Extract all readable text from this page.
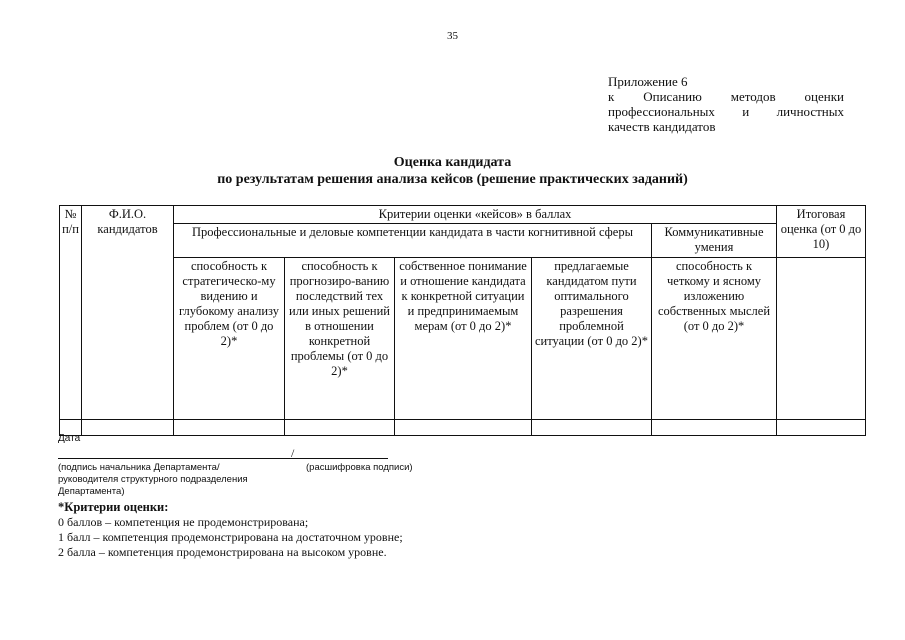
35
Приложение 6
к Описанию методов оценки
профессиональных и личностных
качеств кандидатов
Оценка кандидата
по результатам решения анализа кейсов (решение практических заданий)
№ п/п	Ф.И.О. кандидатов	Критерии оценки «кейсов» в баллах					Итоговая оценка (от 0 до 10)
		Профессиональные и деловые компетенции кандидата в части когнитивной сферы				Коммуникативные умения	
		способность к стратегическо-му видению и глубокому анализу проблем (от 0 до 2)*	способность к прогнозиро-ванию последствий тех или иных решений в отношении конкретной проблемы (от 0 до 2)*	собственное понимание и отношение кандидата к конкретной ситуации и предпринимаемым мерам (от 0 до 2)*	предлагаемые кандидатом пути оптимального разрешения проблемной ситуации (от 0 до 2)*	способность к четкому и ясному изложению собственных мыслей (от 0 до 2)*	

Дата
/
(подпись начальника Департамента/ руководителя структурного подразделения Департамента)
(расшифровка подписи)
*Критерии оценки:
0 баллов – компетенция не продемонстрирована;
1 балл – компетенция продемонстрирована на достаточном уровне;
2 балла – компетенция продемонстрирована на высоком уровне.
